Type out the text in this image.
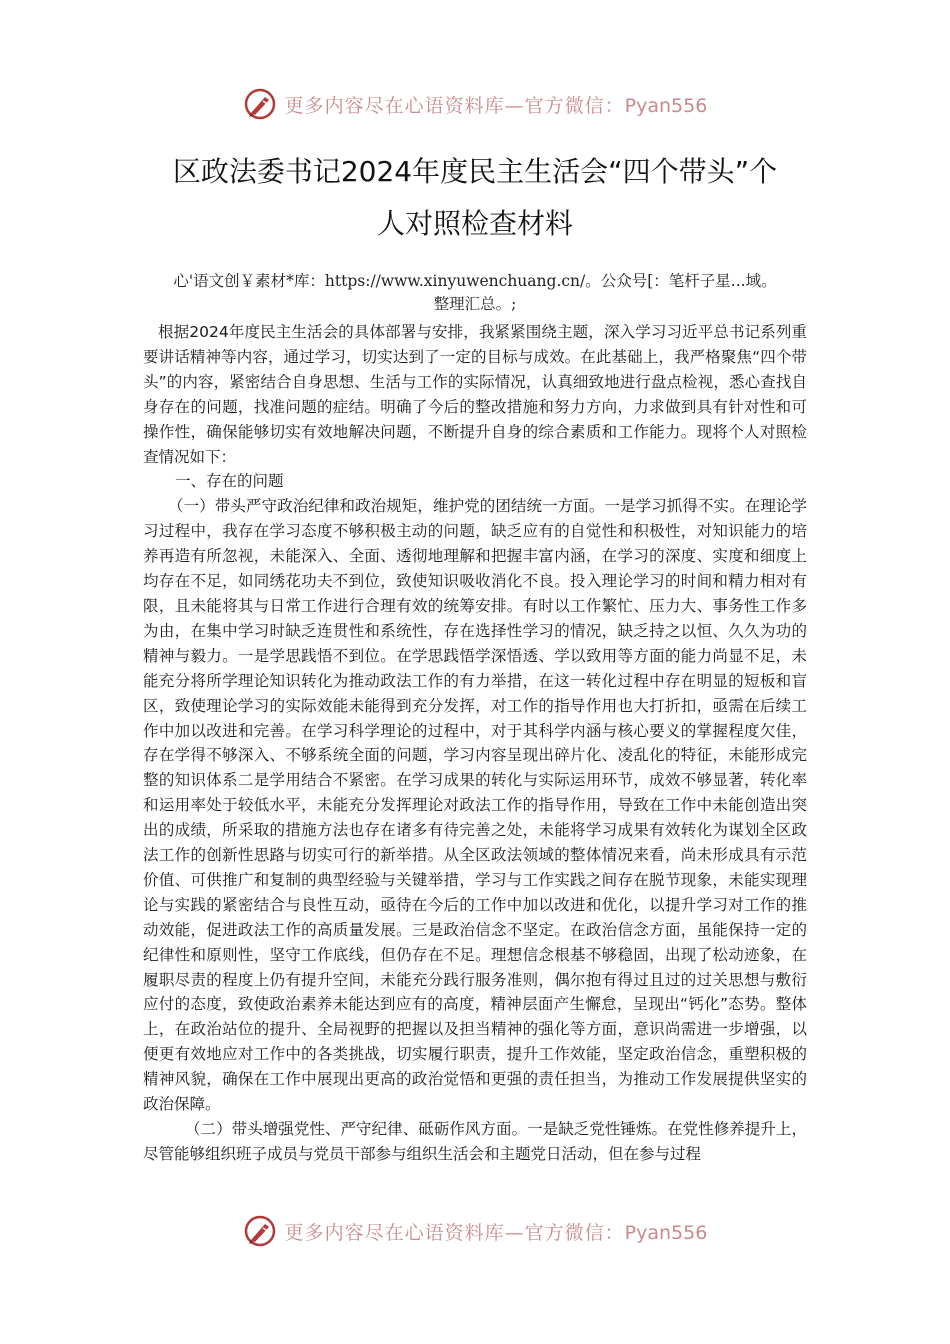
更多内容尽在心语资料库—官方微信：Pyan556
区政法委书记2024年度民主生活会“四个带头”个
人对照检查材料
心'语文创￥素材*库：https://www.xinyuwenchuang.cn/。公众号[：笔杆子星...域。
整理汇总。;

根据2024年度民主生活会的具体部署与安排，我紧紧围绕主题，深入学习习近平总书记系列重要讲话精神等内容，通过学习，切实达到了一定的目标与成效。在此基础上，我严格聚焦“四个带头”的内容，紧密结合自身思想、生活与工作的实际情况，认真细致地进行盘点检视，悉心查找自身存在的问题，找准问题的症结。明确了今后的整改措施和努力方向，力求做到具有针对性和可操作性，确保能够切实有效地解决问题，不断提升自身的综合素质和工作能力。现将个人对照检查情况如下：

一、存在的问题

（一）带头严守政治纪律和政治规矩，维护党的团结统一方面。一是学习抓得不实。在理论学习过程中，我存在学习态度不够积极主动的问题，缺乏应有的自觉性和积极性，对知识能力的培养再造有所忽视，未能深入、全面、透彻地理解和把握丰富内涵，在学习的深度、实度和细度上均存在不足，如同绣花功夫不到位，致使知识吸收消化不良。投入理论学习的时间和精力相对有限，且未能将其与日常工作进行合理有效的统筹安排。有时以工作繁忙、压力大、事务性工作多为由，在集中学习时缺乏连贯性和系统性，存在选择性学习的情况，缺乏持之以恒、久久为功的精神与毅力。一是学思践悟不到位。在学思践悟学深悟透、学以致用等方面的能力尚显不足，未能充分将所学理论知识转化为推动政法工作的有力举措，在这一转化过程中存在明显的短板和盲区，致使理论学习的实际效能未能得到充分发挥，对工作的指导作用也大打折扣，亟需在后续工作中加以改进和完善。在学习科学理论的过程中，对于其科学内涵与核心要义的掌握程度欠佳，存在学得不够深入、不够系统全面的问题，学习内容呈现出碎片化、凌乱化的特征，未能形成完整的知识体系二是学用结合不紧密。在学习成果的转化与实际运用环节，成效不够显著，转化率和运用率处于较低水平，未能充分发挥理论对政法工作的指导作用，导致在工作中未能创造出突出的成绩，所采取的措施方法也存在诸多有待完善之处，未能将学习成果有效转化为谋划全区政法工作的创新性思路与切实可行的新举措。从全区政法领域的整体情况来看，尚未形成具有示范价值、可供推广和复制的典型经验与关键举措，学习与工作实践之间存在脱节现象，未能实现理论与实践的紧密结合与良性互动，亟待在今后的工作中加以改进和优化，以提升学习对工作的推动效能，促进政法工作的高质量发展。三是政治信念不坚定。在政治信念方面，虽能保持一定的纪律性和原则性，坚守工作底线，但仍存在不足。理想信念根基不够稳固，出现了松动迹象，在履职尽责的程度上仍有提升空间，未能充分践行服务准则，偶尔抱有得过且过的过关思想与敷衍应付的态度，致使政治素养未能达到应有的高度，精神层面产生懈怠，呈现出“钙化”态势。整体上，在政治站位的提升、全局视野的把握以及担当精神的强化等方面，意识尚需进一步增强，以便更有效地应对工作中的各类挑战，切实履行职责，提升工作效能，坚定政治信念，重塑积极的精神风貌，确保在工作中展现出更高的政治觉悟和更强的责任担当，为推动工作发展提供坚实的政治保障。

（二）带头增强党性、严守纪律、砥砺作风方面。一是缺乏党性锤炼。在党性修养提升上，尽管能够组织班子成员与党员干部参与组织生活会和主题党日活动，但在参与过程

更多内容尽在心语资料库—官方微信：Pyan556
